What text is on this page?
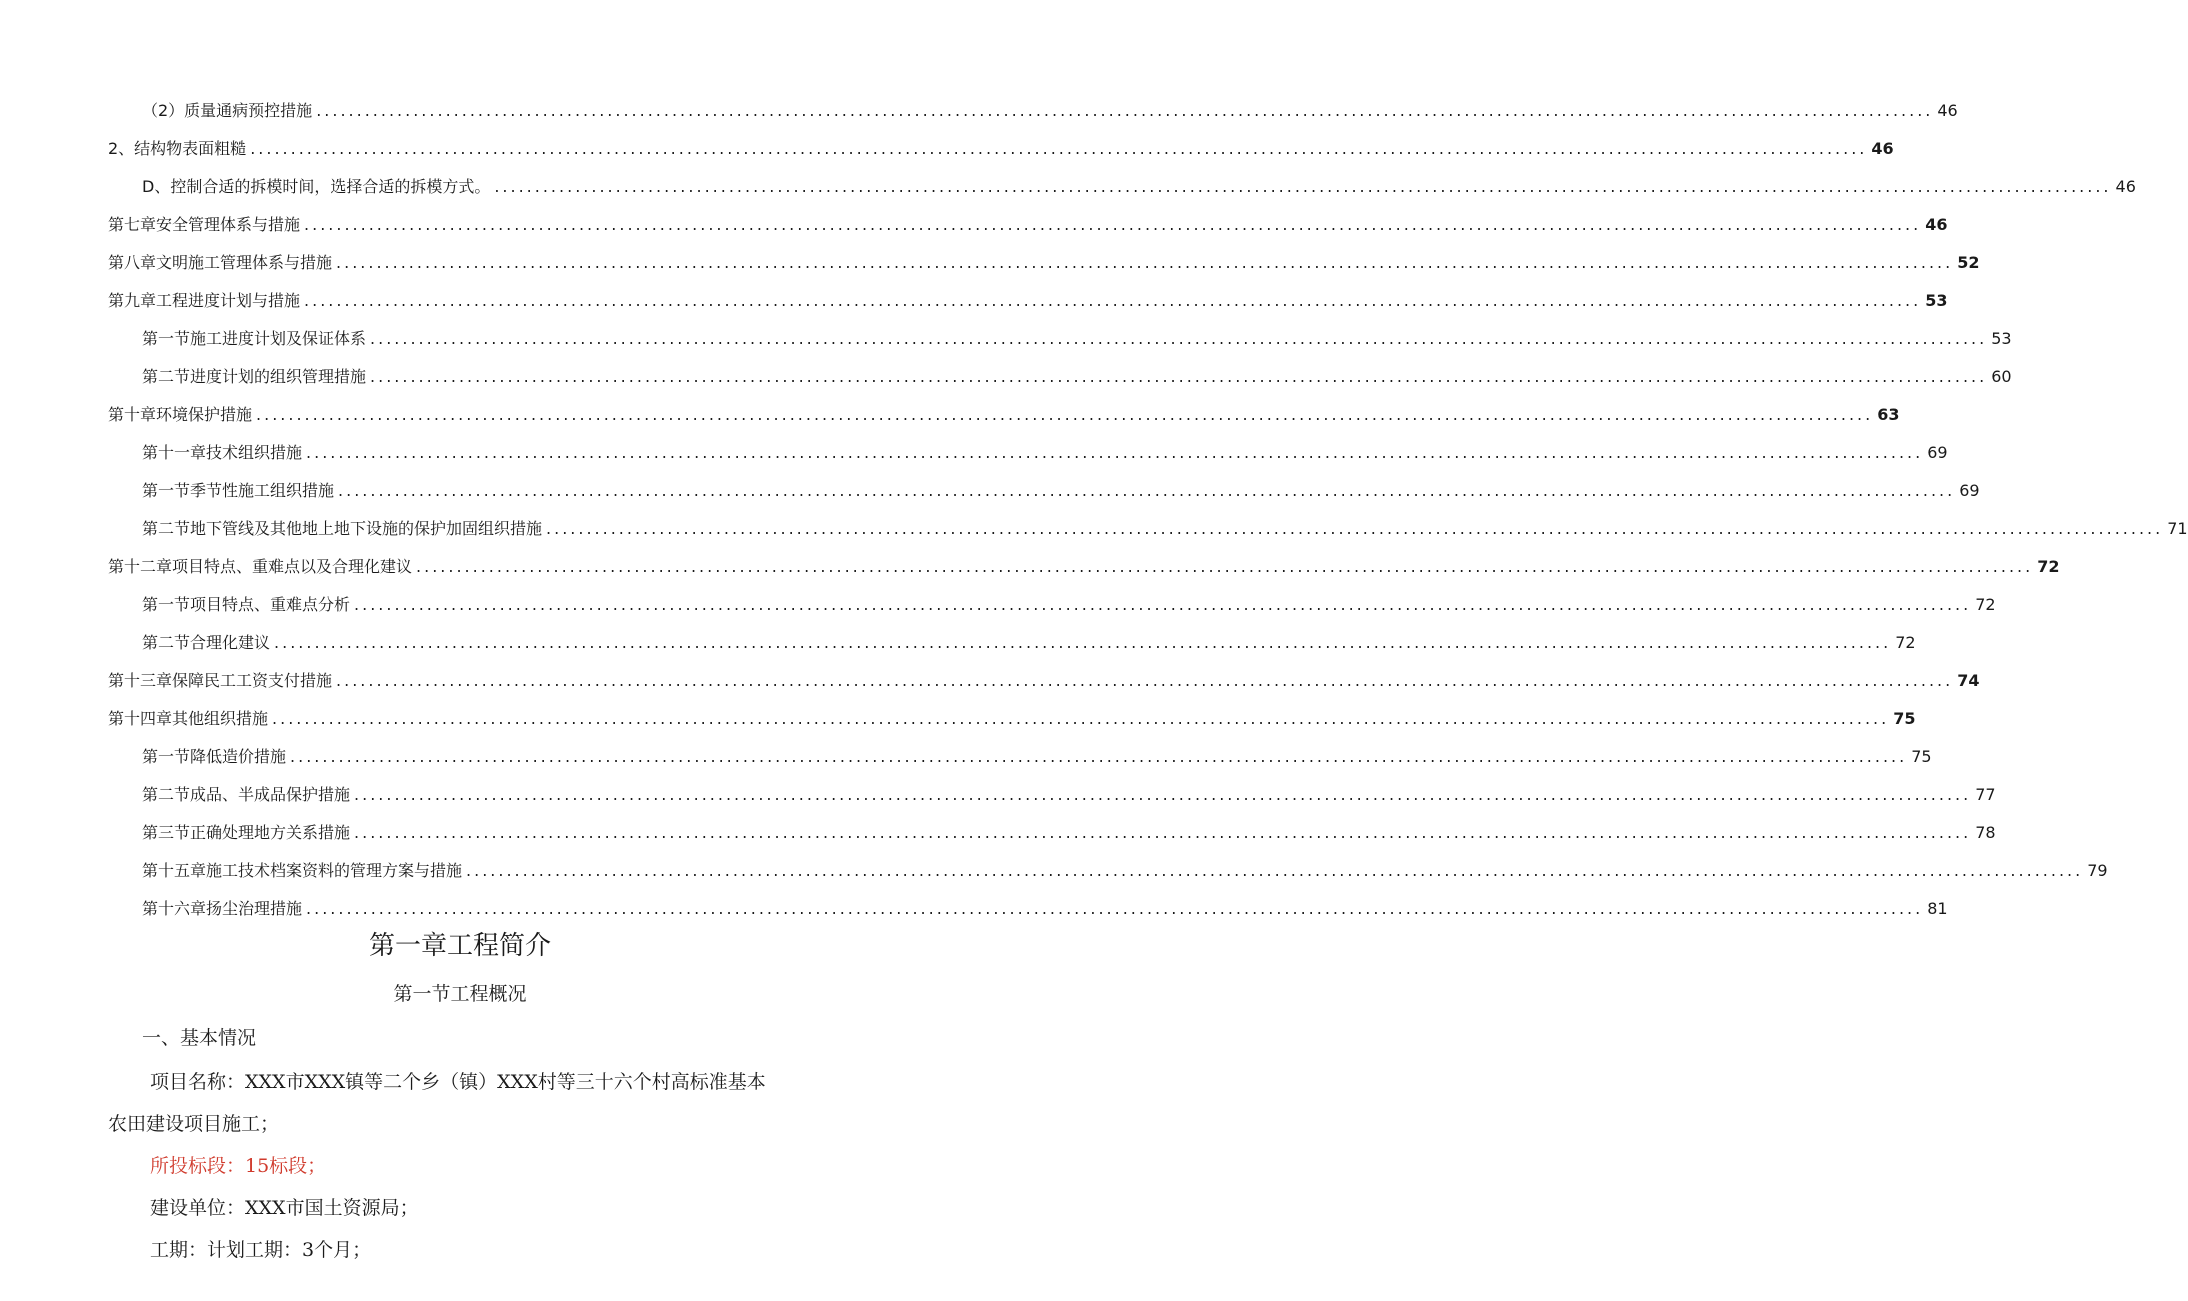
（2）质量通病预控措施 ........................................................................................................................................................................................................ 46
2、结构物表面粗糙 ........................................................................................................................................................................................................ 46
D、控制合适的拆模时间，选择合适的拆模方式。 ........................................................................................................................................................................................................ 46
第七章安全管理体系与措施 ........................................................................................................................................................................................................ 46
第八章文明施工管理体系与措施 ........................................................................................................................................................................................................ 52
第九章工程进度计划与措施 ........................................................................................................................................................................................................ 53
第一节施工进度计划及保证体系 ........................................................................................................................................................................................................ 53
第二节进度计划的组织管理措施 ........................................................................................................................................................................................................ 60
第十章环境保护措施 ........................................................................................................................................................................................................ 63
第十一章技术组织措施 ........................................................................................................................................................................................................ 69
第一节季节性施工组织措施 ........................................................................................................................................................................................................ 69
第二节地下管线及其他地上地下设施的保护加固组织措施 ........................................................................................................................................................................................................ 71
第十二章项目特点、重难点以及合理化建议 ........................................................................................................................................................................................................ 72
第一节项目特点、重难点分析 ........................................................................................................................................................................................................ 72
第二节合理化建议 ........................................................................................................................................................................................................ 72
第十三章保障民工工资支付措施 ........................................................................................................................................................................................................ 74
第十四章其他组织措施 ........................................................................................................................................................................................................ 75
第一节降低造价措施 ........................................................................................................................................................................................................ 75
第二节成品、半成品保护措施 ........................................................................................................................................................................................................ 77
第三节正确处理地方关系措施 ........................................................................................................................................................................................................ 78
第十五章施工技术档案资料的管理方案与措施 ........................................................................................................................................................................................................ 79
第十六章扬尘治理措施 ........................................................................................................................................................................................................ 81
第一章工程简介
第一节工程概况
一、基本情况
项目名称：XXX市XXX镇等二个乡（镇）XXX村等三十六个村高标准基本
农田建设项目施工；
所投标段：15标段；
建设单位：XXX市国土资源局；
工期：计划工期：3个月；
